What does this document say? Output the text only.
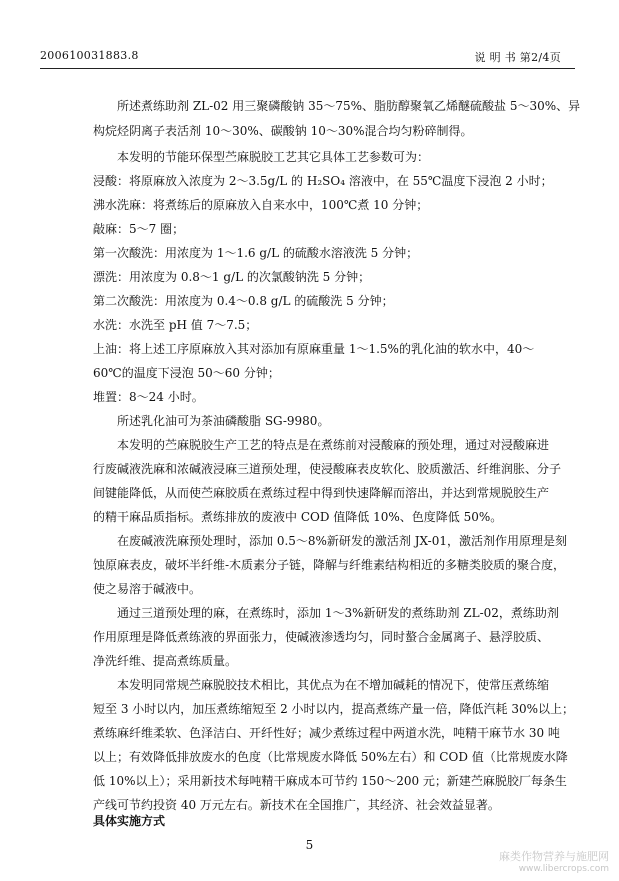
200610031883.8	说 明 书 第2/4页
所述煮练助剂 ZL-02 用三聚磷酸钠 35～75%、脂肪醇聚氧乙烯醚硫酸盐 5～30%、异
构烷烃阴离子表活剂 10～30%、碳酸钠 10～30%混合均匀粉碎制得。
本发明的节能环保型苎麻脱胶工艺其它具体工艺参数可为：
浸酸：将原麻放入浓度为 2～3.5g/L 的 H₂SO₄ 溶液中，在 55℃温度下浸泡 2 小时；
沸水洗麻：将煮练后的原麻放入自来水中，100℃煮 10 分钟；
敲麻：5～7 圈；
第一次酸洗：用浓度为 1～1.6 g/L 的硫酸水溶液洗 5 分钟；
漂洗：用浓度为 0.8～1 g/L 的次氯酸钠洗 5 分钟；
第二次酸洗：用浓度为 0.4～0.8 g/L 的硫酸洗 5 分钟；
水洗：水洗至 pH 值 7～7.5；
上油：将上述工序原麻放入其对添加有原麻重量 1～1.5%的乳化油的软水中，40～
60℃的温度下浸泡 50～60 分钟；
堆置：8～24 小时。
所述乳化油可为茶油磷酸脂 SG-9980。
本发明的苎麻脱胶生产工艺的特点是在煮练前对浸酸麻的预处理，通过对浸酸麻进
行废碱液洗麻和浓碱液浸麻三道预处理，使浸酸麻表皮软化、胶质激活、纤维润胀、分子
间键能降低，从而使苎麻胶质在煮练过程中得到快速降解而溶出，并达到常规脱胶生产
的精干麻品质指标。煮练排放的废液中 COD 值降低 10%、色度降低 50%。
在废碱液洗麻预处理时，添加 0.5～8%新研发的激活剂 JX-01，激活剂作用原理是刻
蚀原麻表皮，破坏半纤维-木质素分子链，降解与纤维素结构相近的多糖类胶质的聚合度，
使之易溶于碱液中。
通过三道预处理的麻，在煮练时，添加 1～3%新研发的煮练助剂 ZL-02，煮练助剂
作用原理是降低煮练液的界面张力，使碱液渗透均匀，同时螯合金属离子、悬浮胶质、
净洗纤维、提高煮练质量。
本发明同常规苎麻脱胶技术相比，其优点为在不增加碱耗的情况下，使常压煮练缩
短至 3 小时以内，加压煮练缩短至 2 小时以内，提高煮练产量一倍，降低汽耗 30%以上；
煮练麻纤维柔软、色泽洁白、开纤性好；减少煮练过程中两道水洗，吨精干麻节水 30 吨
以上；有效降低排放废水的色度（比常规废水降低 50%左右）和 COD 值（比常规废水降
低 10%以上）；采用新技术每吨精干麻成本可节约 150～200 元；新建苎麻脱胶厂每条生
产线可节约投资 40 万元左右。新技术在全国推广，其经济、社会效益显著。
具体实施方式
5
麻类作物营养与施肥网
www.libercrops.com
